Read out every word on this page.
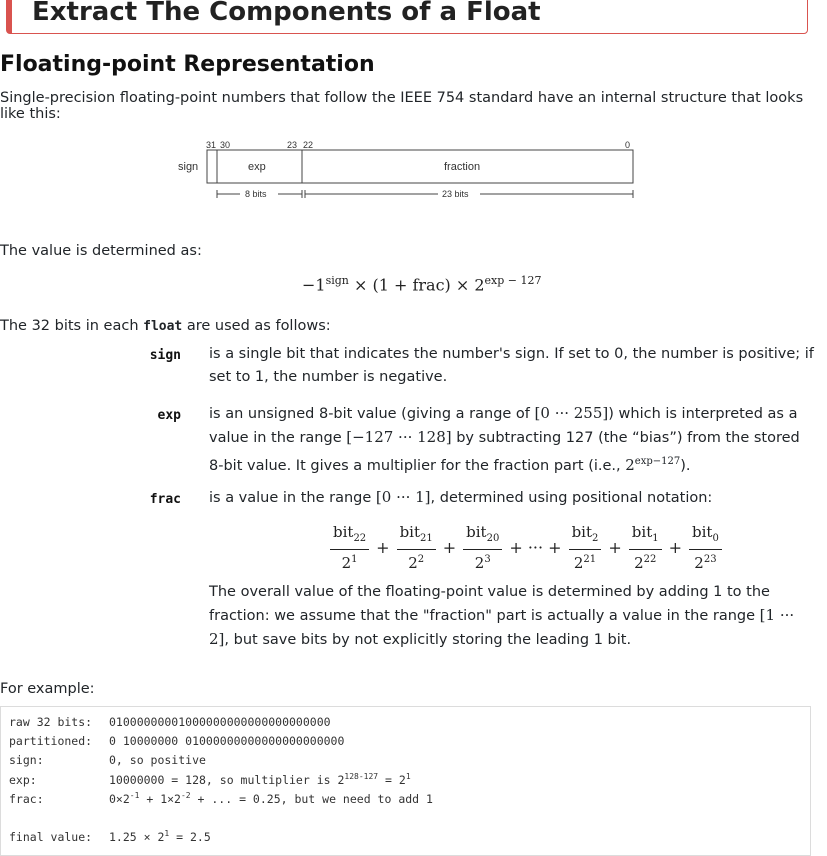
Extract The Components of a Float
Floating-point Representation
Single-precision floating-point numbers that follow the IEEE 754 standard have an internal structure that looks like this:
31 30	23 22	0
sign	exp	fraction
8 bits	23 bits
The value is determined as:
$-1^{sign} \times (1$ + frac) × $2^{exp - 127}$
The 32 bits in each float are used as follows:
sign is a single bit that indicates the number's sign. If set to 0, the number is positive; if set to 1, the number is negative.
exp is an unsigned 8-bit value (giving a range of [0 ··· 255]) which is interpreted as a value in the range [−127 ··· 128] by subtracting 127 (the “bias”) from the stored 8-bit value. It gives a multiplier for the fraction part (i.e., $2^{exp-127}$).
frac is a value in the range [0 ··· 1], determined using positional notation:
$\frac{bit_{22}}{2^1} + \frac{bit_{21}}{2^2} + \frac{bit_{20}}{2^3}$ + ··· + $\frac{bit_2}{2^{21}} + \frac{bit_1}{2^{22}} + \frac{bit_0}{2^{23}}$
The overall value of the floating-point value is determined by adding 1 to the fraction: we assume that the "fraction" part is actually a value in the range [1 ··· 2], but save bits by not explicitly storing the leading 1 bit.
For example:
raw 32 bits: 01000000001000000000000000000000
partitioned: 0 10000000 01000000000000000000000
sign:	0, so positive
exp:	10000000 = 128, so multiplier is $2^{128-127} = 2^1$
frac:	$0\times 2^{-1} + 1\times 2^{-2}$ + ... = 0.25, but we need to add 1
final value: $1.25 \times 2^1 = 2.5$
